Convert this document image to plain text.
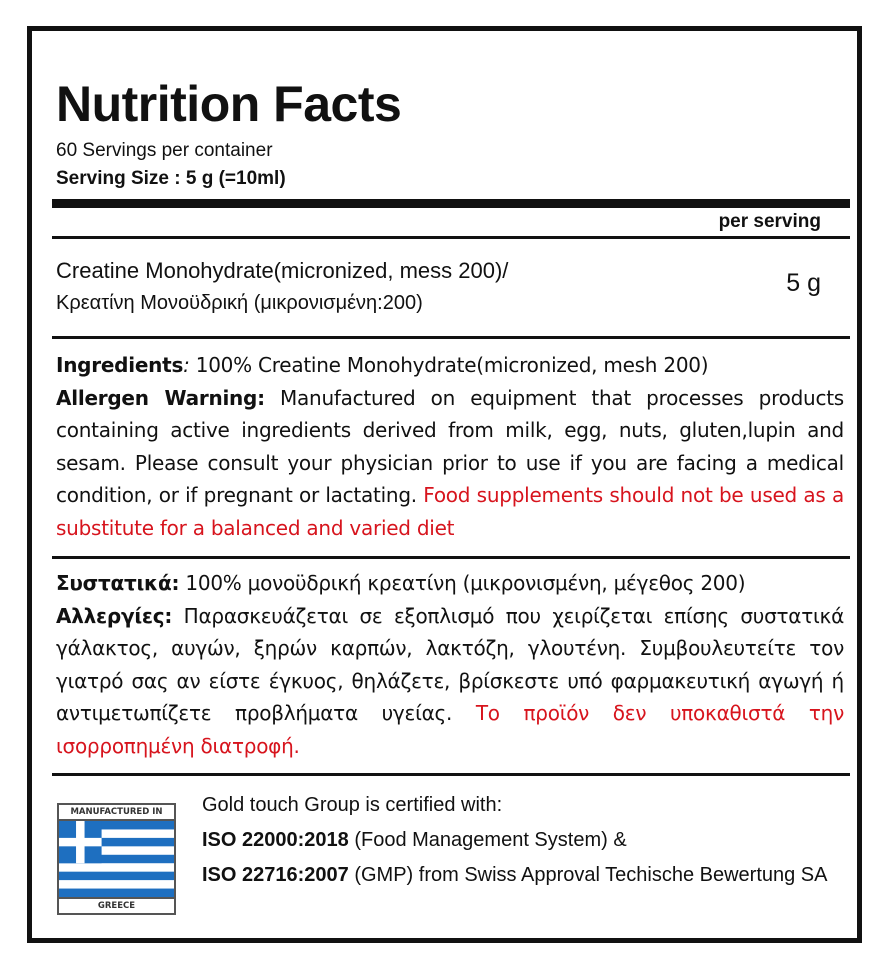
Nutrition Facts
60 Servings per container
Serving Size : 5 g (=10ml)
per serving
Creatine Monohydrate(micronized, mess 200)/
Κρεατίνη Μονοϋδρική (μικρονισμένη:200)
5 g
Ingredients: 100% Creatine Monohydrate(micronized, mesh 200)
Allergen Warning: Manufactured on equipment that processes products containing active ingredients derived from milk, egg, nuts, gluten,lupin and sesam. Please consult your physician prior to use if you are facing a medical condition, or if pregnant or lactating. Food supplements should not be used as a substitute for a balanced and varied diet
Συστατικά: 100% μονοϋδρική κρεατίνη (μικρονισμένη, μέγεθος 200)
Αλλεργίες: Παρασκευάζεται σε εξοπλισμό που χειρίζεται επίσης συστατικά γάλακτος, αυγών, ξηρών καρπών, λακτόζη, γλουτένη. Συμβουλευτείτε τον γιατρό σας αν είστε έγκυος, θηλάζετε, βρίσκεστε υπό φαρμακευτική αγωγή ή αντιμετωπίζετε προβλήματα υγείας. Το προϊόν δεν υποκαθιστά την ισορροπημένη διατροφή.
MANUFACTURED IN
GREECE
Gold touch Group is certified with:
ISO 22000:2018 (Food Management System) &
ISO 22716:2007 (GMP) from Swiss Approval Techische Bewertung SA
